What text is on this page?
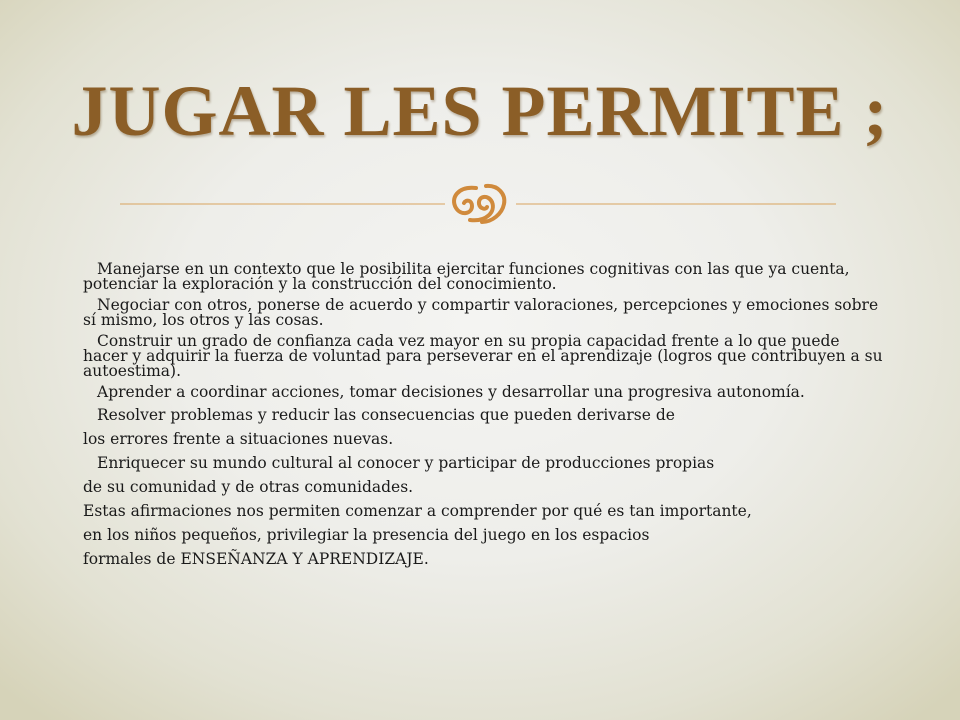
JUGAR LES PERMITE ;

Manejarse en un contexto que le posibilita ejercitar funciones cognitivas con las que ya cuenta, potenciar la exploración y la construcción del conocimiento.

Negociar con otros, ponerse de acuerdo y compartir valoraciones, percepciones y emociones sobre sí mismo, los otros y las cosas.

Construir un grado de confianza cada vez mayor en su propia capacidad frente a lo que puede hacer y adquirir la fuerza de voluntad para perseverar en el aprendizaje (logros que contribuyen a su autoestima).

Aprender a coordinar acciones, tomar decisiones y desarrollar una progresiva autonomía.

Resolver problemas y reducir las consecuencias que pueden derivarse de

los errores frente a situaciones nuevas.

Enriquecer su mundo cultural al conocer y participar de producciones propias

de su comunidad y de otras comunidades.

Estas afirmaciones nos permiten comenzar a comprender por qué es tan importante,

en los niños pequeños, privilegiar la presencia del juego en los espacios

formales de ENSEÑANZA Y APRENDIZAJE.
